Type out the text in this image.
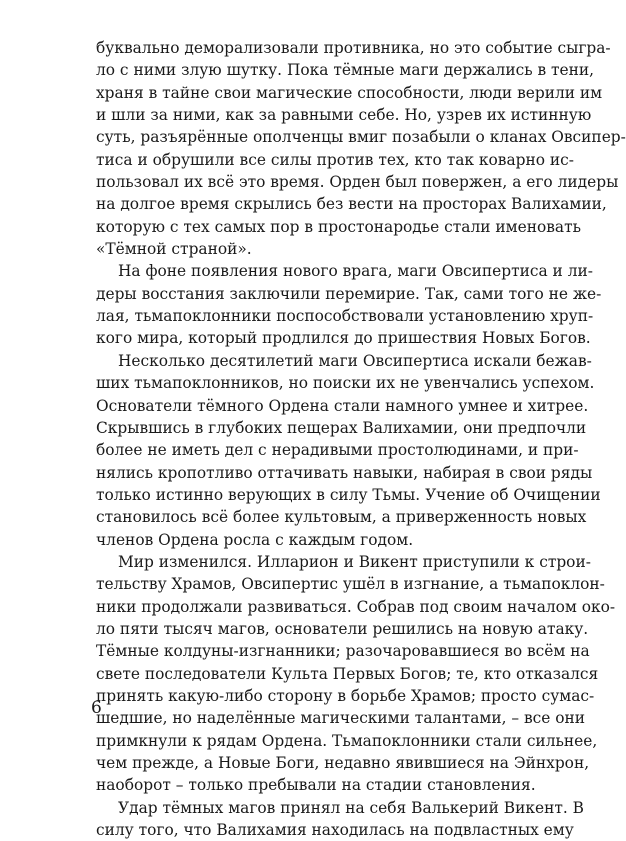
буквально деморализовали противника, но это событие сыгра-
ло с ними злую шутку. Пока тёмные маги держались в тени,
храня в тайне свои магические способности, люди верили им
и шли за ними, как за равными себе. Но, узрев их истинную
суть, разъярённые ополченцы вмиг позабыли о кланах Овсипер-
тиса и обрушили все силы против тех, кто так коварно ис-
пользовал их всё это время. Орден был повержен, а его лидеры
на долгое время скрылись без вести на просторах Валихамии,
которую с тех самых пор в простонародье стали именовать
«Тёмной страной».
На фоне появления нового врага, маги Овсипертиса и ли-
деры восстания заключили перемирие. Так, сами того не же-
лая, тьмапоклонники поспособствовали установлению хруп-
кого мира, который продлился до пришествия Новых Богов.
Несколько десятилетий маги Овсипертиса искали бежав-
ших тьмапоклонников, но поиски их не увенчались успехом.
Основатели тёмного Ордена стали намного умнее и хитрее.
Скрывшись в глубоких пещерах Валихамии, они предпочли
более не иметь дел с нерадивыми простолюдинами, и при-
нялись кропотливо оттачивать навыки, набирая в свои ряды
только истинно верующих в силу Тьмы. Учение об Очищении
становилось всё более культовым, а приверженность новых
членов Ордена росла с каждым годом.
Мир изменился. Илларион и Викент приступили к строи-
тельству Храмов, Овсипертис ушёл в изгнание, а тьмапоклон-
ники продолжали развиваться. Собрав под своим началом око-
ло пяти тысяч магов, основатели решились на новую атаку.
Тёмные колдуны-изгнанники; разочаровавшиеся во всём на
свете последователи Культа Первых Богов; те, кто отказался
принять какую-либо сторону в борьбе Храмов; просто сумас-
шедшие, но наделённые магическими талантами, – все они
примкнули к рядам Ордена. Тьмапоклонники стали сильнее,
чем прежде, а Новые Боги, недавно явившиеся на Эйнхрон,
наоборот – только пребывали на стадии становления.
Удар тёмных магов принял на себя Валькерий Викент. В
силу того, что Валихамия находилась на подвластных ему
6
